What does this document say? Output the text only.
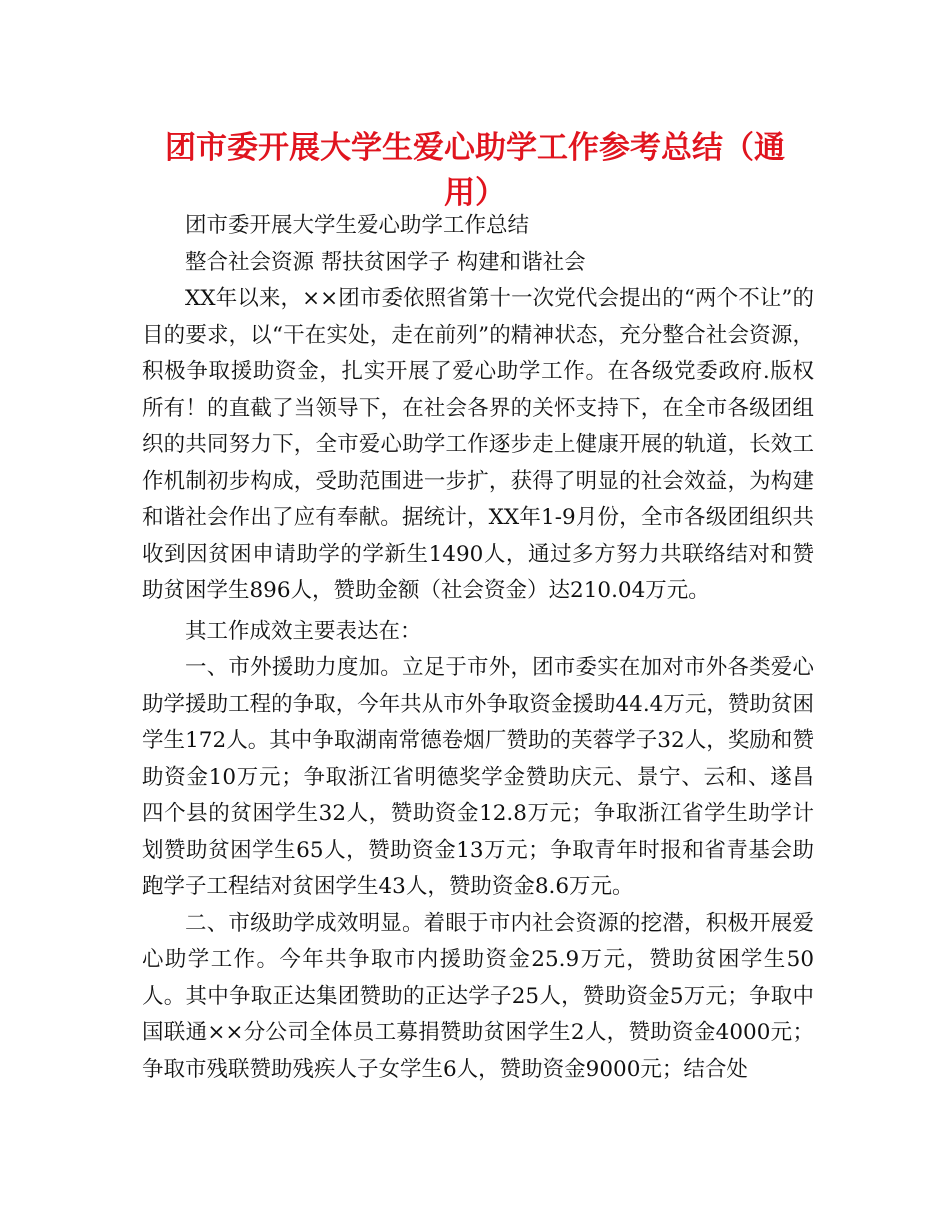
团市委开展大学生爱心助学工作参考总结（通
用）

团市委开展大学生爱心助学工作总结

整合社会资源 帮扶贫困学子 构建和谐社会

XX年以来，××团市委依照省第十一次党代会提出的“两个不让”的目的要求，以“干在实处，走在前列”的精神状态，充分整合社会资源，积极争取援助资金，扎实开展了爱心助学工作。在各级党委政府.版权所有！的直截了当领导下，在社会各界的关怀支持下，在全市各级团组织的共同努力下，全市爱心助学工作逐步走上健康开展的轨道，长效工作机制初步构成，受助范围进一步扩，获得了明显的社会效益，为构建和谐社会作出了应有奉献。据统计，XX年1-9月份，全市各级团组织共收到因贫困申请助学的学新生1490人，通过多方努力共联络结对和赞助贫困学生896人，赞助金额（社会资金）达210.04万元。

其工作成效主要表达在：

一、市外援助力度加。立足于市外，团市委实在加对市外各类爱心助学援助工程的争取，今年共从市外争取资金援助44.4万元，赞助贫困学生172人。其中争取湖南常德卷烟厂赞助的芙蓉学子32人，奖励和赞助资金10万元；争取浙江省明德奖学金赞助庆元、景宁、云和、遂昌四个县的贫困学生32人，赞助资金12.8万元；争取浙江省学生助学计划赞助贫困学生65人，赞助资金13万元；争取青年时报和省青基会助跑学子工程结对贫困学生43人，赞助资金8.6万元。

二、市级助学成效明显。着眼于市内社会资源的挖潜，积极开展爱心助学工作。今年共争取市内援助资金25.9万元，赞助贫困学生50人。其中争取正达集团赞助的正达学子25人，赞助资金5万元；争取中国联通××分公司全体员工募捐赞助贫困学生2人，赞助资金4000元；争取市残联赞助残疾人子女学生6人，赞助资金9000元；结合处
